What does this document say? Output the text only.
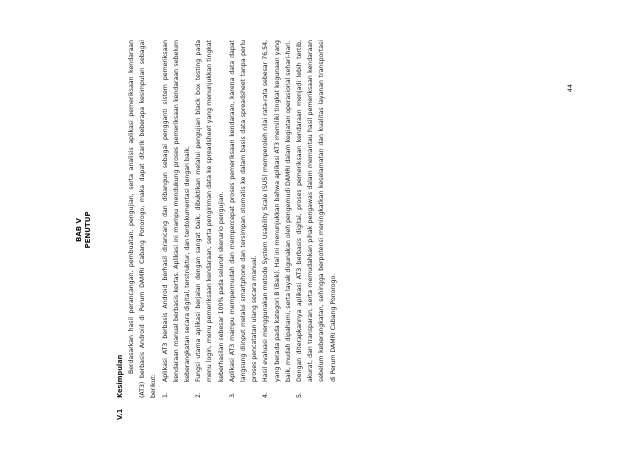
BAB V PENUTUP

V.1
Kesimpulan

Berdasarkan hasil perancangan, pembuatan, pengujian, serta analisis aplikasi pemeriksaan kendaraan (AT3) berbasis Android di Perum DAMRI Cabang Ponorogo, maka dapat ditarik beberapa kesimpulan sebagai berikut: 1.
Aplikasi AT3 berbasis Android berhasil dirancang dan dibangun sebagai pengganti sistem pemeriksaan kendaraan manual berbasis kertas. Aplikasi ini mampu mendukung proses pemeriksaan kendaraan sebelum keberangkatan secara digital, terstruktur, dan terdokumentasi dengan baik.
2.
Fungsi utama aplikasi berjalan dengan sangat baik, dibuktikan melalui pengujian black box testing pada menu login, menu pemeriksaan kendaraan, serta pengiriman data ke spreadsheet yang menunjukkan tingkat keberhasilan sebesar 100% pada seluruh skenario pengujian.
3.
Aplikasi AT3 mampu mempermudah dan mempercepat proses pemeriksaan kendaraan, karena data dapat langsung diinput melalui smartphone dan tersimpan otomatis ke dalam basis data spreadsheet tanpa perlu proses pencatatan ulang secara manual.
4.
Hasil evaluasi menggunakan metode System Usability Scale (SUS) memperoleh nilai rata-rata sebesar 76,54, yang berada pada kategori B (Baik). Hal ini menunjukkan bahwa aplikasi AT3 memiliki tingkat kegunaan yang baik, mudah dipahami, serta layak digunakan oleh pengemudi DAMRI dalam kegiatan operasional sehari-hari.
5.
Dengan diterapkannya aplikasi AT3 berbasis digital, proses pemeriksaan kendaraan menjadi lebih tertib, akurat, dan transparan, serta memudahkan pihak pengawas dalam memantau hasil pemeriksaan kendaraan sebelum keberangkatan, sehingga berpotensi meningkatkan keselamatan dan kualitas layanan transportasi di Perum DAMRI Cabang Ponorogo.
44
